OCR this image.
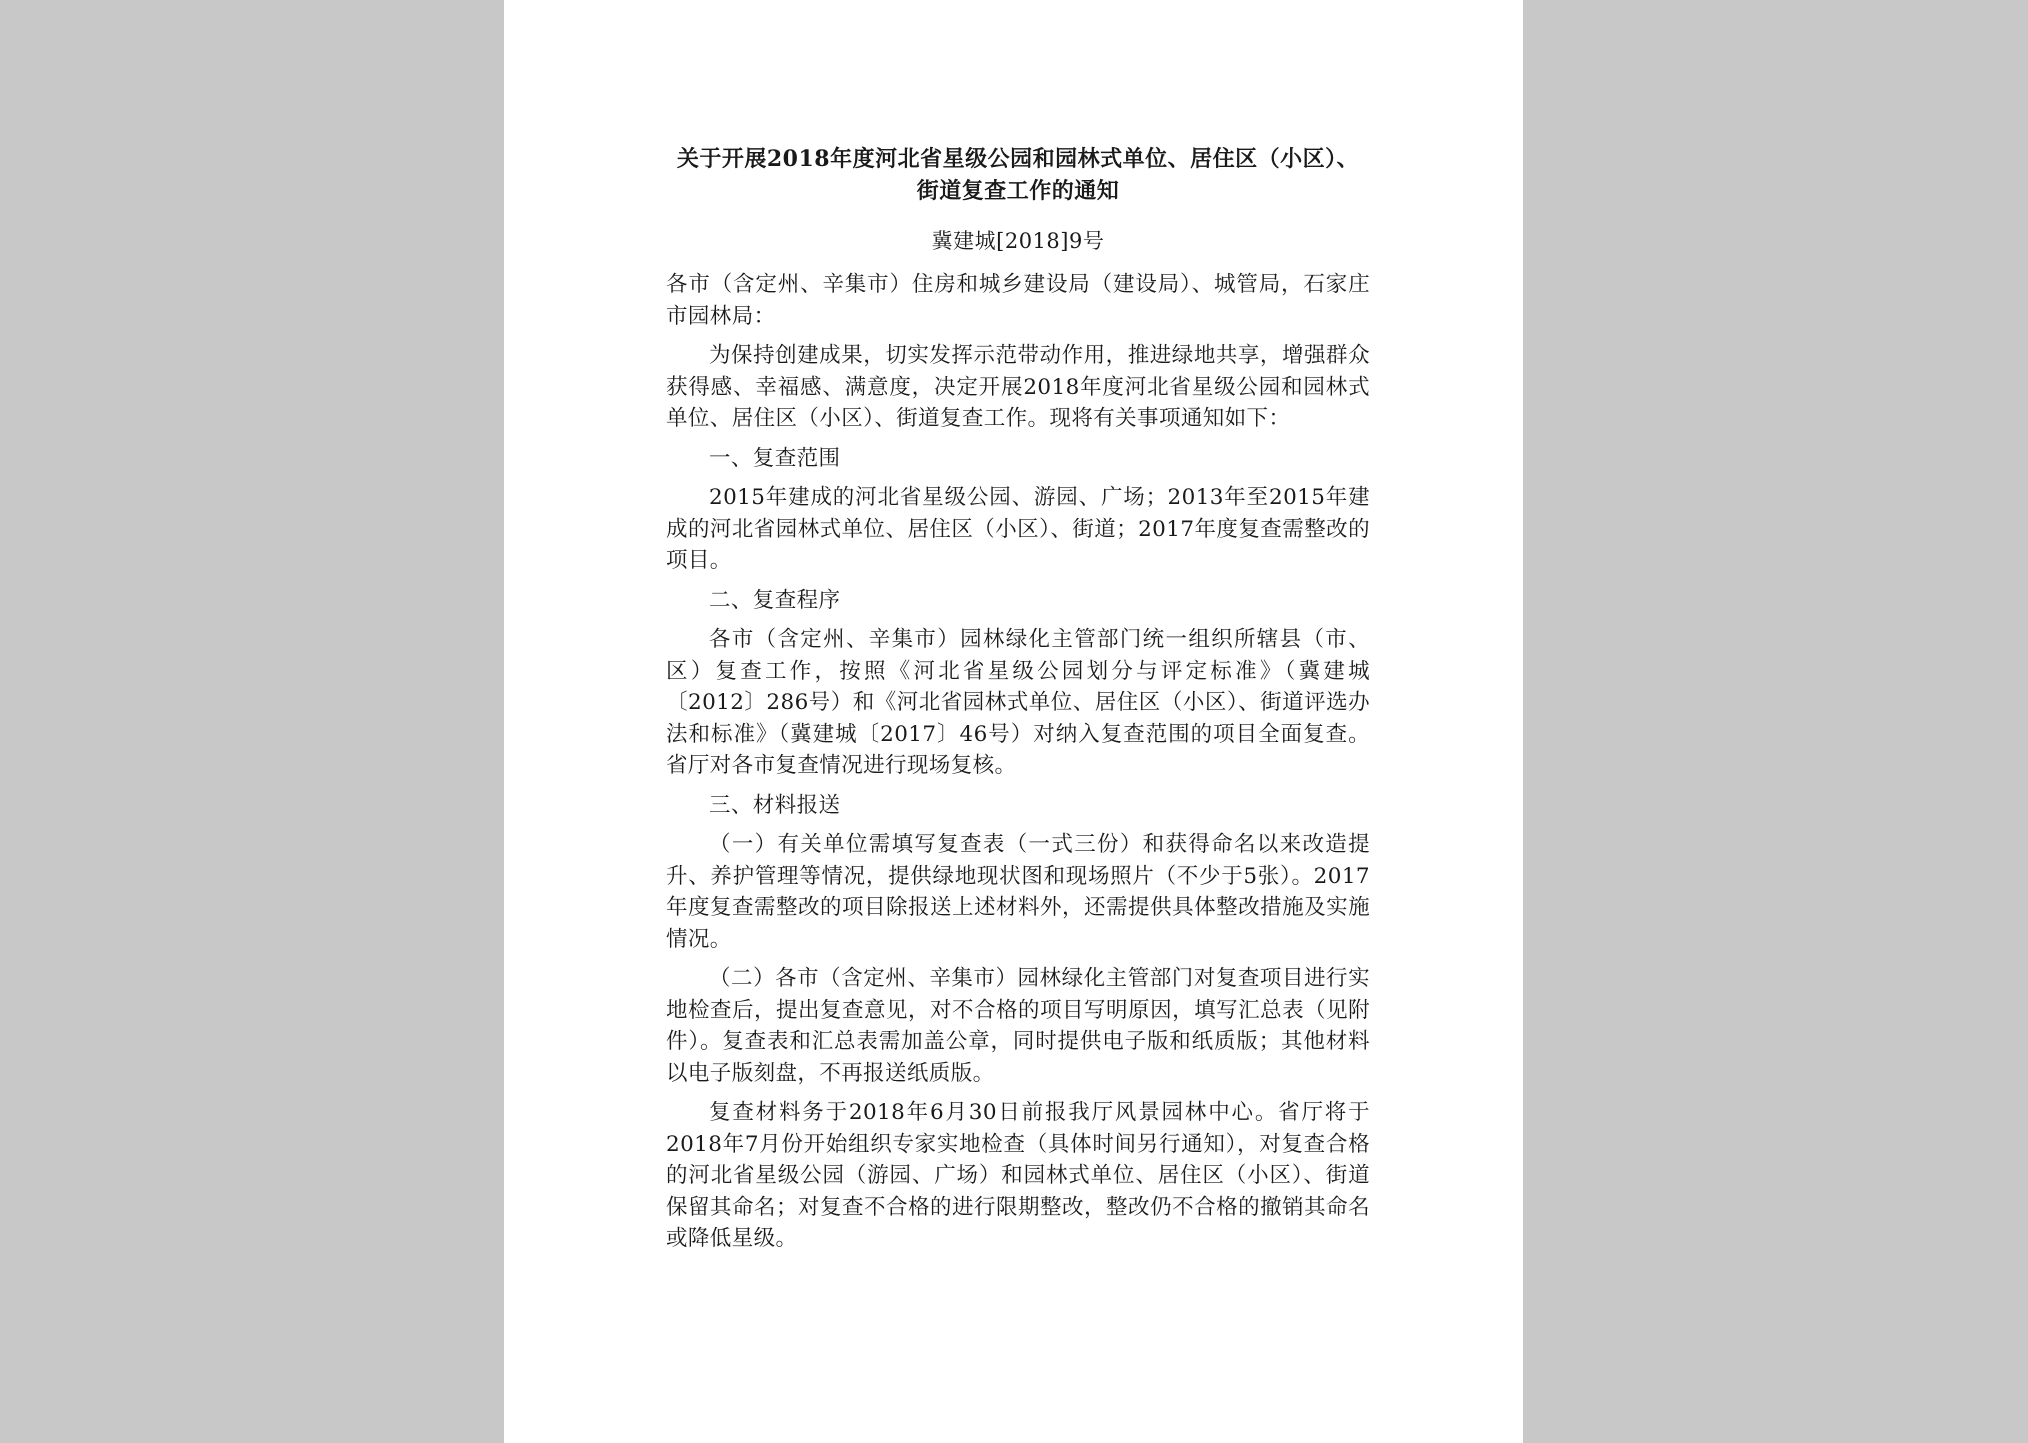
关于开展2018年度河北省星级公园和园林式单位、居住区（小区）、街道复查工作的通知
冀建城[2018]9号

各市（含定州、辛集市）住房和城乡建设局（建设局）、城管局，石家庄市园林局：

为保持创建成果，切实发挥示范带动作用，推进绿地共享，增强群众获得感、幸福感、满意度，决定开展2018年度河北省星级公园和园林式单位、居住区（小区）、街道复查工作。现将有关事项通知如下：

一、复查范围

2015年建成的河北省星级公园、游园、广场；2013年至2015年建成的河北省园林式单位、居住区（小区）、街道；2017年度复查需整改的项目。

二、复查程序

各市（含定州、辛集市）园林绿化主管部门统一组织所辖县（市、区）复查工作，按照《河北省星级公园划分与评定标准》（冀建城〔2012〕286号）和《河北省园林式单位、居住区（小区）、街道评选办法和标准》（冀建城〔2017〕46号）对纳入复查范围的项目全面复查。省厅对各市复查情况进行现场复核。

三、材料报送

（一）有关单位需填写复查表（一式三份）和获得命名以来改造提升、养护管理等情况，提供绿地现状图和现场照片（不少于5张）。2017年度复查需整改的项目除报送上述材料外，还需提供具体整改措施及实施情况。

（二）各市（含定州、辛集市）园林绿化主管部门对复查项目进行实地检查后，提出复查意见，对不合格的项目写明原因，填写汇总表（见附件）。复查表和汇总表需加盖公章，同时提供电子版和纸质版；其他材料以电子版刻盘，不再报送纸质版。

复查材料务于2018年6月30日前报我厅风景园林中心。省厅将于2018年7月份开始组织专家实地检查（具体时间另行通知），对复查合格的河北省星级公园（游园、广场）和园林式单位、居住区（小区）、街道保留其命名；对复查不合格的进行限期整改，整改仍不合格的撤销其命名或降低星级。
